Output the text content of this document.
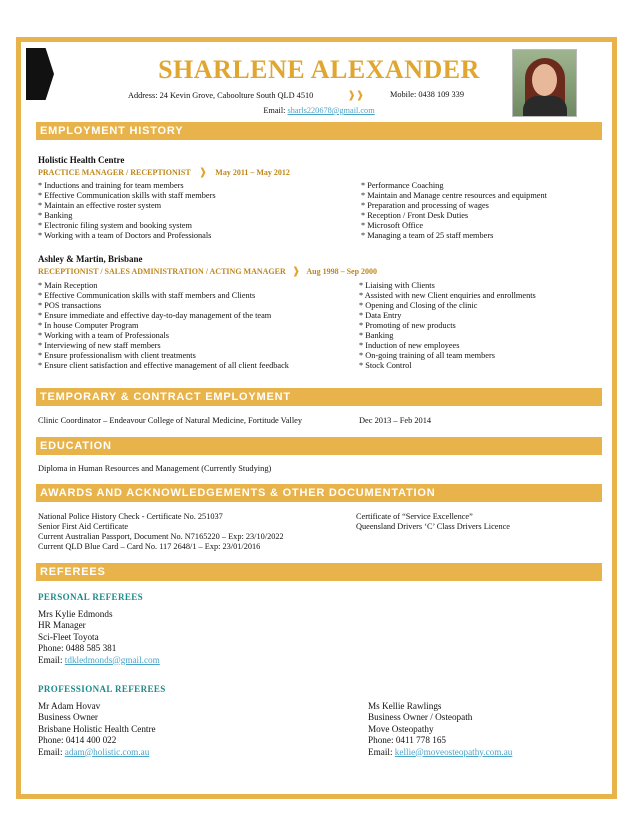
SHARLENE ALEXANDER
Address: 24 Kevin Grove, Caboolture South QLD 4510	❱❱	Mobile: 0438 109 339
Email: sharls220678@gmail.com
EMPLOYMENT HISTORY
Holistic Health Centre
PRACTICE MANAGER / RECEPTIONIST ❱ May 2011 – May 2012
* Inductions and training for team members
* Effective Communication skills with staff members
* Maintain an effective roster system
* Banking
* Electronic filing system and booking system
* Working with a team of Doctors and Professionals
* Performance Coaching
* Maintain and Manage centre resources and equipment
* Preparation and processing of wages
* Reception / Front Desk Duties
* Microsoft Office
* Managing a team of 25 staff members
Ashley & Martin, Brisbane
RECEPTIONIST / SALES ADMINISTRATION / ACTING MANAGER ❱ Aug 1998 – Sep 2000
* Main Reception
* Effective Communication skills with staff members and Clients
* POS transactions
* Ensure immediate and effective day-to-day management of the team
* In house Computer Program
* Working with a team of Professionals
* Interviewing of new staff members
* Ensure professionalism with client treatments
* Ensure client satisfaction and effective management of all client feedback
* Liaising with Clients
* Assisted with new Client enquiries and enrollments
* Opening and Closing of the clinic
* Data Entry
* Promoting of new products
* Banking
* Induction of new employees
* On-going training of all team members
* Stock Control
TEMPORARY & CONTRACT EMPLOYMENT
Clinic Coordinator – Endeavour College of Natural Medicine, Fortitude Valley	Dec 2013 – Feb 2014
EDUCATION
Diploma in Human Resources and Management (Currently Studying)
AWARDS AND ACKNOWLEDGEMENTS & OTHER DOCUMENTATION
National Police History Check - Certificate No. 251037
Senior First Aid Certificate
Current Australian Passport, Document No. N7165220 – Exp: 23/10/2022
Current QLD Blue Card – Card No. 117 2648/1 – Exp: 23/01/2016
Certificate of “Service Excellence”
Queensland Drivers ‘C’ Class Drivers Licence
REFEREES
PERSONAL REFEREES
Mrs Kylie Edmonds
HR Manager
Sci-Fleet Toyota
Phone: 0488 585 381
Email: tdkledmonds@gmail.com
PROFESSIONAL REFEREES
Mr Adam Hovav
Business Owner
Brisbane Holistic Health Centre
Phone: 0414 400 022
Email: adam@holistic.com.au
Ms Kellie Rawlings
Business Owner / Osteopath
Move Osteopathy
Phone: 0411 778 165
Email: kellie@moveosteopathy.com.au
